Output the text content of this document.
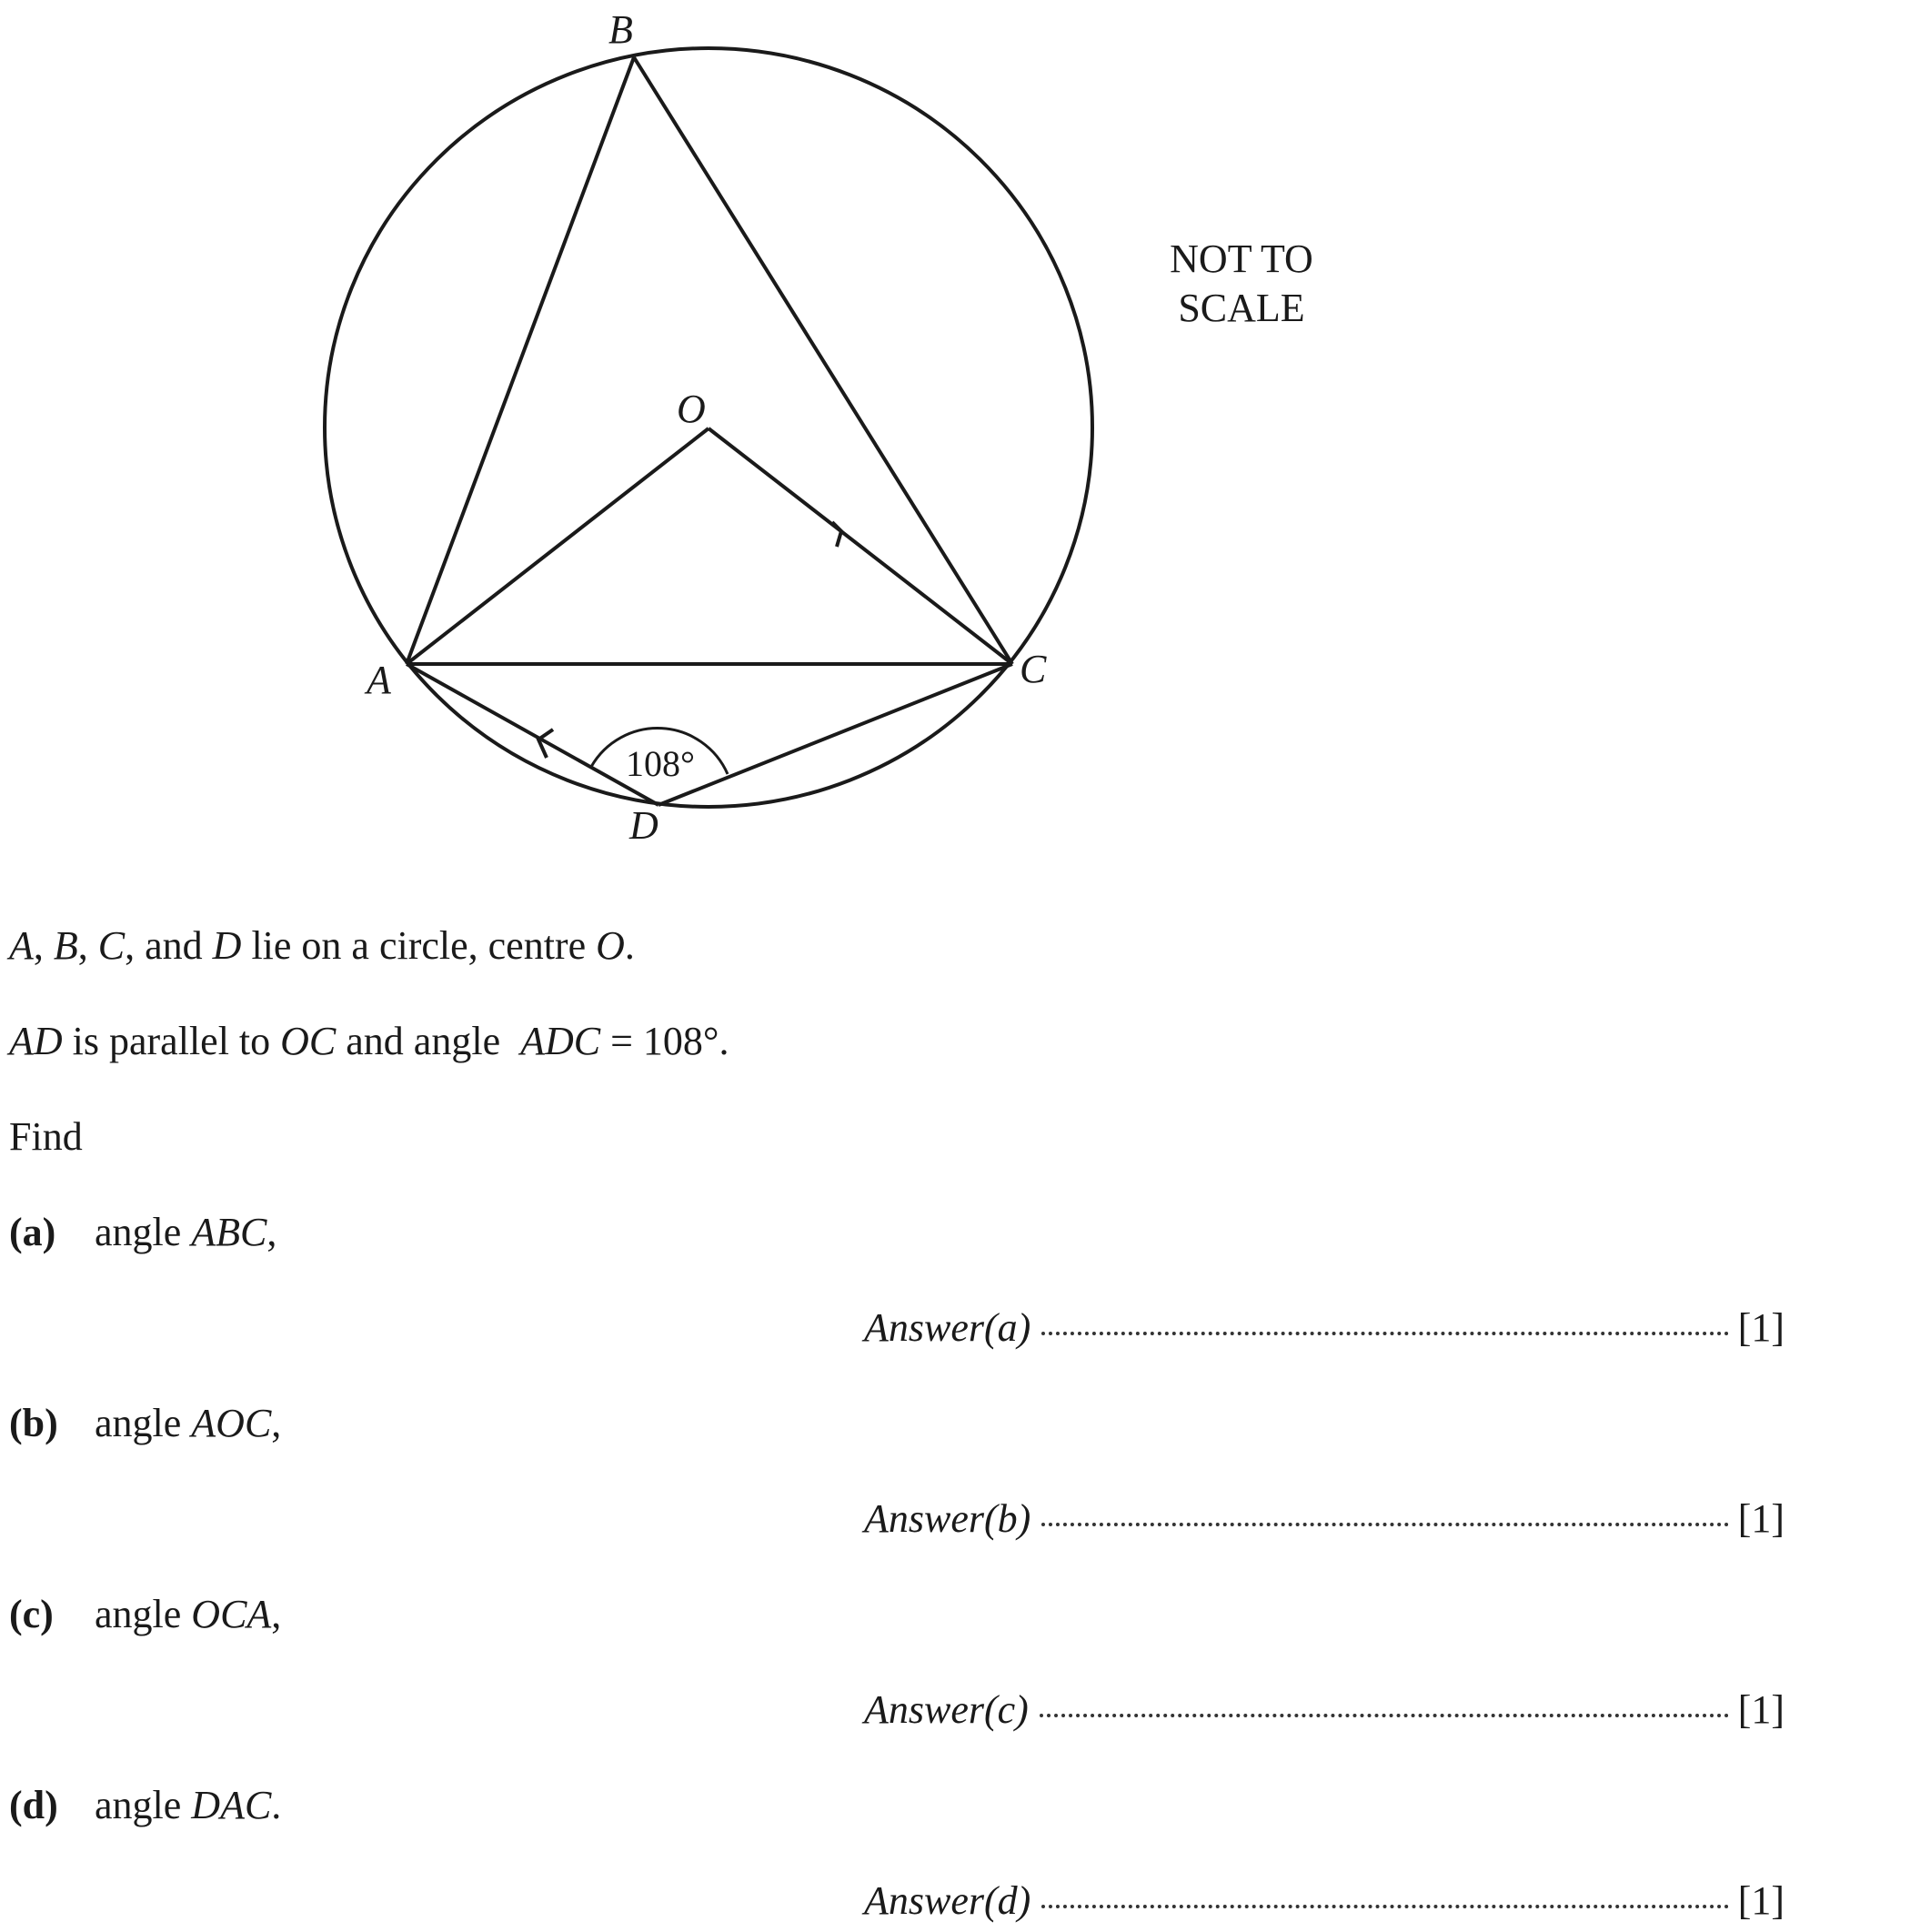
B
O
A	C
D
108°
NOT TO
SCALE
A, B, C, and D lie on a circle, centre O.
AD is parallel to OC and angle  ADC = 108°.
Find
(a) angle ABC,
Answer(a)	[1]
(b) angle AOC,
Answer(b)	[1]
(c) angle OCA,
Answer(c)	[1]
(d) angle DAC.
Answer(d)	[1]
